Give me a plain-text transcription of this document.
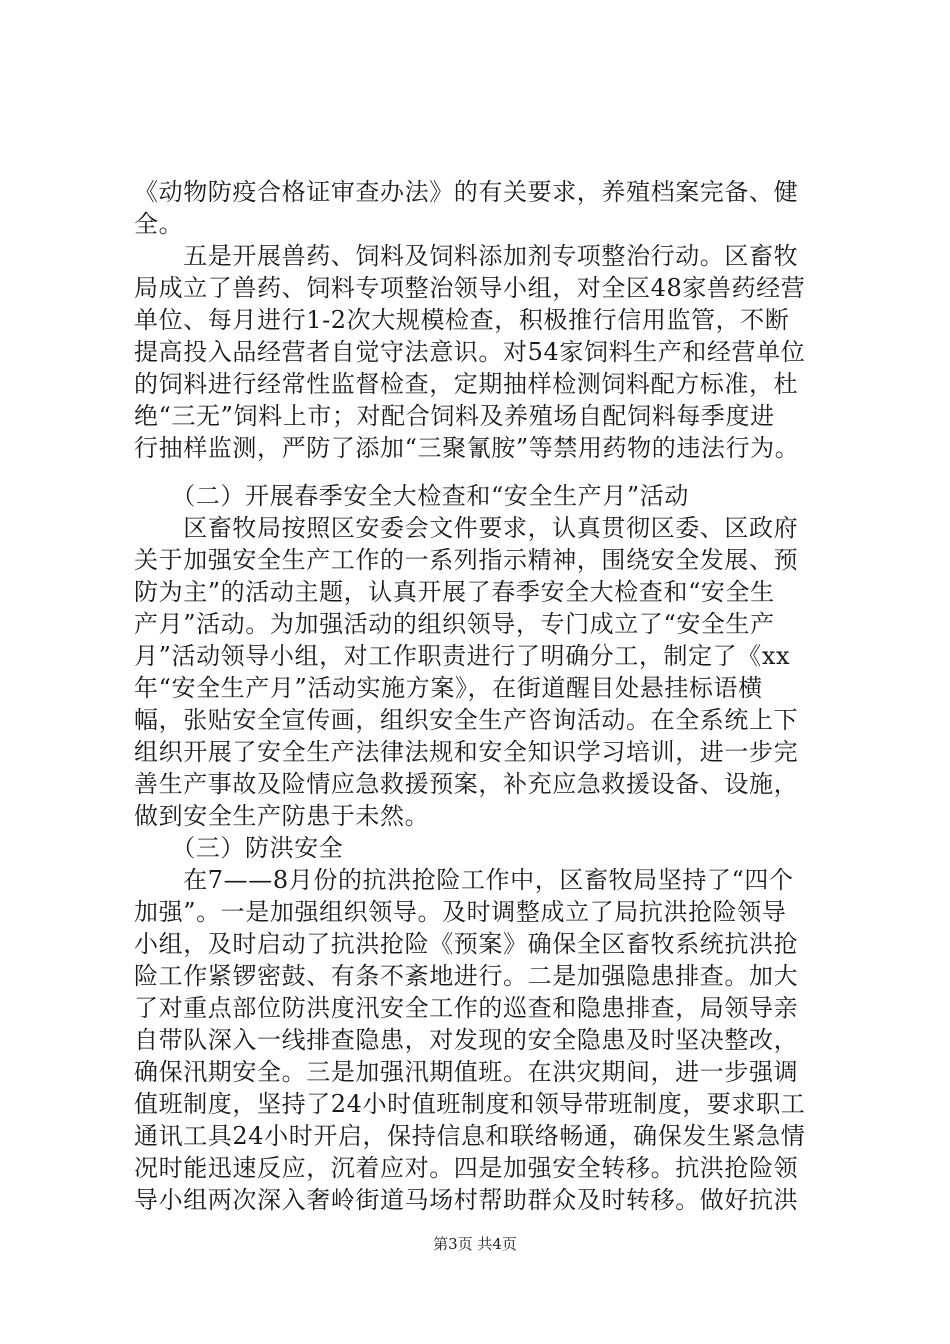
《动物防疫合格证审查办法》的有关要求，养殖档案完备、健
全。
　　五是开展兽药、饲料及饲料添加剂专项整治行动。区畜牧
局成立了兽药、饲料专项整治领导小组，对全区48家兽药经营
单位、每月进行1-2次大规模检查，积极推行信用监管，不断
提高投入品经营者自觉守法意识。对54家饲料生产和经营单位
的饲料进行经常性监督检查，定期抽样检测饲料配方标准，杜
绝“三无”饲料上市；对配合饲料及养殖场自配饲料每季度进
行抽样监测，严防了添加“三聚氰胺”等禁用药物的违法行为。
　　（二）开展春季安全大检查和“安全生产月”活动
　　区畜牧局按照区安委会文件要求，认真贯彻区委、区政府
关于加强安全生产工作的一系列指示精神，围绕安全发展、预
防为主”的活动主题，认真开展了春季安全大检查和“安全生
产月”活动。为加强活动的组织领导，专门成立了“安全生产
月”活动领导小组，对工作职责进行了明确分工，制定了《xx
年“安全生产月”活动实施方案》，在街道醒目处悬挂标语横
幅，张贴安全宣传画，组织安全生产咨询活动。在全系统上下
组织开展了安全生产法律法规和安全知识学习培训，进一步完
善生产事故及险情应急救援预案，补充应急救援设备、设施，
做到安全生产防患于未然。
　　（三）防洪安全
　　在7——8月份的抗洪抢险工作中，区畜牧局坚持了“四个
加强”。一是加强组织领导。及时调整成立了局抗洪抢险领导
小组，及时启动了抗洪抢险《预案》确保全区畜牧系统抗洪抢
险工作紧锣密鼓、有条不紊地进行。二是加强隐患排查。加大
了对重点部位防洪度汛安全工作的巡查和隐患排查，局领导亲
自带队深入一线排查隐患，对发现的安全隐患及时坚决整改，
确保汛期安全。三是加强汛期值班。在洪灾期间，进一步强调
值班制度，坚持了24小时值班制度和领导带班制度，要求职工
通讯工具24小时开启，保持信息和联络畅通，确保发生紧急情
况时能迅速反应，沉着应对。四是加强安全转移。抗洪抢险领
导小组两次深入奢岭街道马场村帮助群众及时转移。做好抗洪
第3页 共4页
